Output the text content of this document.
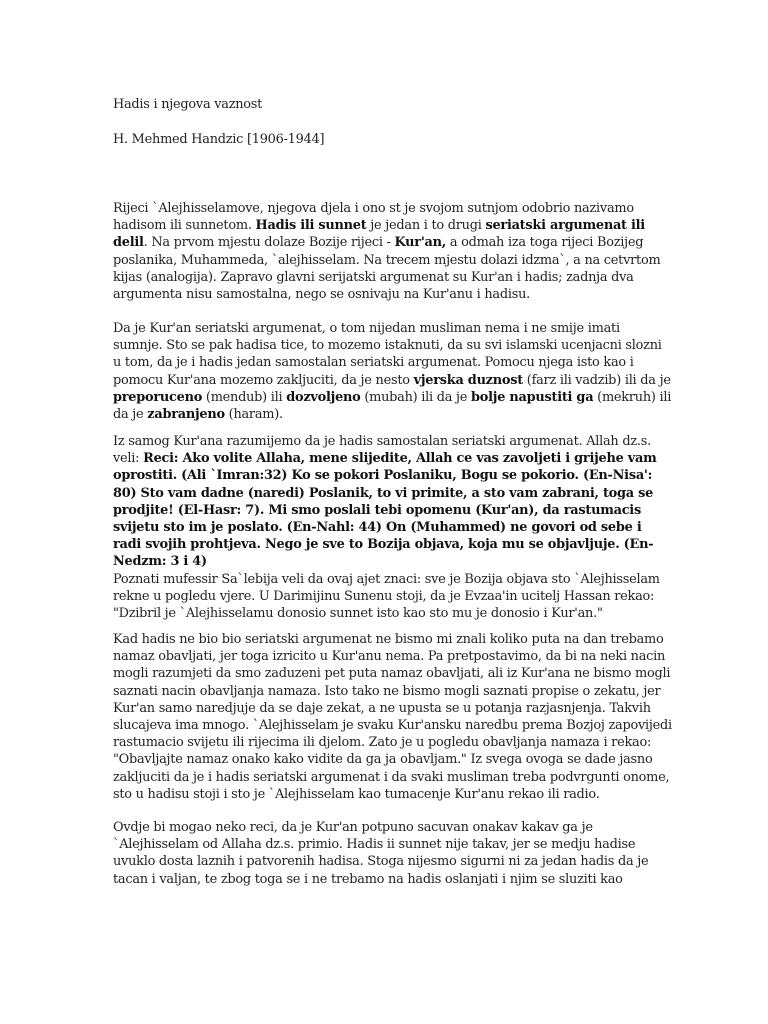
Hadis i njegova vaznost

H. Mehmed Handzic [1906-1944]

Rijeci `Alejhisselamove, njegova djela i ono st je svojom sutnjom odobrio nazivamo hadisom ili sunnetom. Hadis ili sunnet je jedan i to drugi seriatski argumenat ili delil. Na prvom mjestu dolaze Bozije rijeci - Kur'an, a odmah iza toga rijeci Bozijeg poslanika, Muhammeda, `alejhisselam. Na trecem mjestu dolazi idzma`, a na cetvrtom kijas (analogija). Zapravo glavni serijatski argumenat su Kur'an i hadis; zadnja dva argumenta nisu samostalna, nego se osnivaju na Kur'anu i hadisu.

Da je Kur'an seriatski argumenat, o tom nijedan musliman nema i ne smije imati sumnje. Sto se pak hadisa tice, to mozemo istaknuti, da su svi islamski ucenjacni slozni u tom, da je i hadis jedan samostalan seriatski argumenat. Pomocu njega isto kao i pomocu Kur'ana mozemo zakljuciti, da je nesto vjerska duznost (farz ili vadzib) ili da je preporuceno (mendub) ili dozvoljeno (mubah) ili da je bolje napustiti ga (mekruh) ili da je zabranjeno (haram).

Iz samog Kur'ana razumijemo da je hadis samostalan seriatski argumenat. Allah dz.s. veli: Reci: Ako volite Allaha, mene slijedite, Allah ce vas zavoljeti i grijehe vam oprostiti. (Ali `Imran:32) Ko se pokori Poslaniku, Bogu se pokorio. (En-Nisa': 80) Sto vam dadne (naredi) Poslanik, to vi primite, a sto vam zabrani, toga se prodjite! (El-Hasr: 7). Mi smo poslali tebi opomenu (Kur'an), da rastumacis svijetu sto im je poslato. (En-Nahl: 44) On (Muhammed) ne govori od sebe i radi svojih prohtjeva. Nego je sve to Bozija objava, koja mu se objavljuje. (En-Nedzm: 3 i 4)
Poznati mufessir Sa`lebija veli da ovaj ajet znaci: sve je Bozija objava sto `Alejhisselam rekne u pogledu vjere. U Darimijinu Sunenu stoji, da je Evzaa'in ucitelj Hassan rekao: "Dzibril je `Alejhisselamu donosio sunnet isto kao sto mu je donosio i Kur'an."

Kad hadis ne bio bio seriatski argumenat ne bismo mi znali koliko puta na dan trebamo namaz obavljati, jer toga izricito u Kur'anu nema. Pa pretpostavimo, da bi na neki nacin mogli razumjeti da smo zaduzeni pet puta namaz obavljati, ali iz Kur'ana ne bismo mogli saznati nacin obavljanja namaza. Isto tako ne bismo mogli saznati propise o zekatu, jer Kur'an samo naredjuje da se daje zekat, a ne upusta se u potanja razjasnjenja. Takvih slucajeva ima mnogo. `Alejhisselam je svaku Kur'ansku naredbu prema Bozjoj zapovijedi rastumacio svijetu ili rijecima ili djelom. Zato je u pogledu obavljanja namaza i rekao: "Obavljajte namaz onako kako vidite da ga ja obavljam." Iz svega ovoga se dade jasno zakljuciti da je i hadis seriatski argumenat i da svaki musliman treba podvrgunti onome, sto u hadisu stoji i sto je `Alejhisselam kao tumacenje Kur'anu rekao ili radio.

Ovdje bi mogao neko reci, da je Kur'an potpuno sacuvan onakav kakav ga je `Alejhisselam od Allaha dz.s. primio. Hadis ii sunnet nije takav, jer se medju hadise uvuklo dosta laznih i patvorenih hadisa. Stoga nijesmo sigurni ni za jedan hadis da je tacan i valjan, te zbog toga se i ne trebamo na hadis oslanjati i njim se sluziti kao
